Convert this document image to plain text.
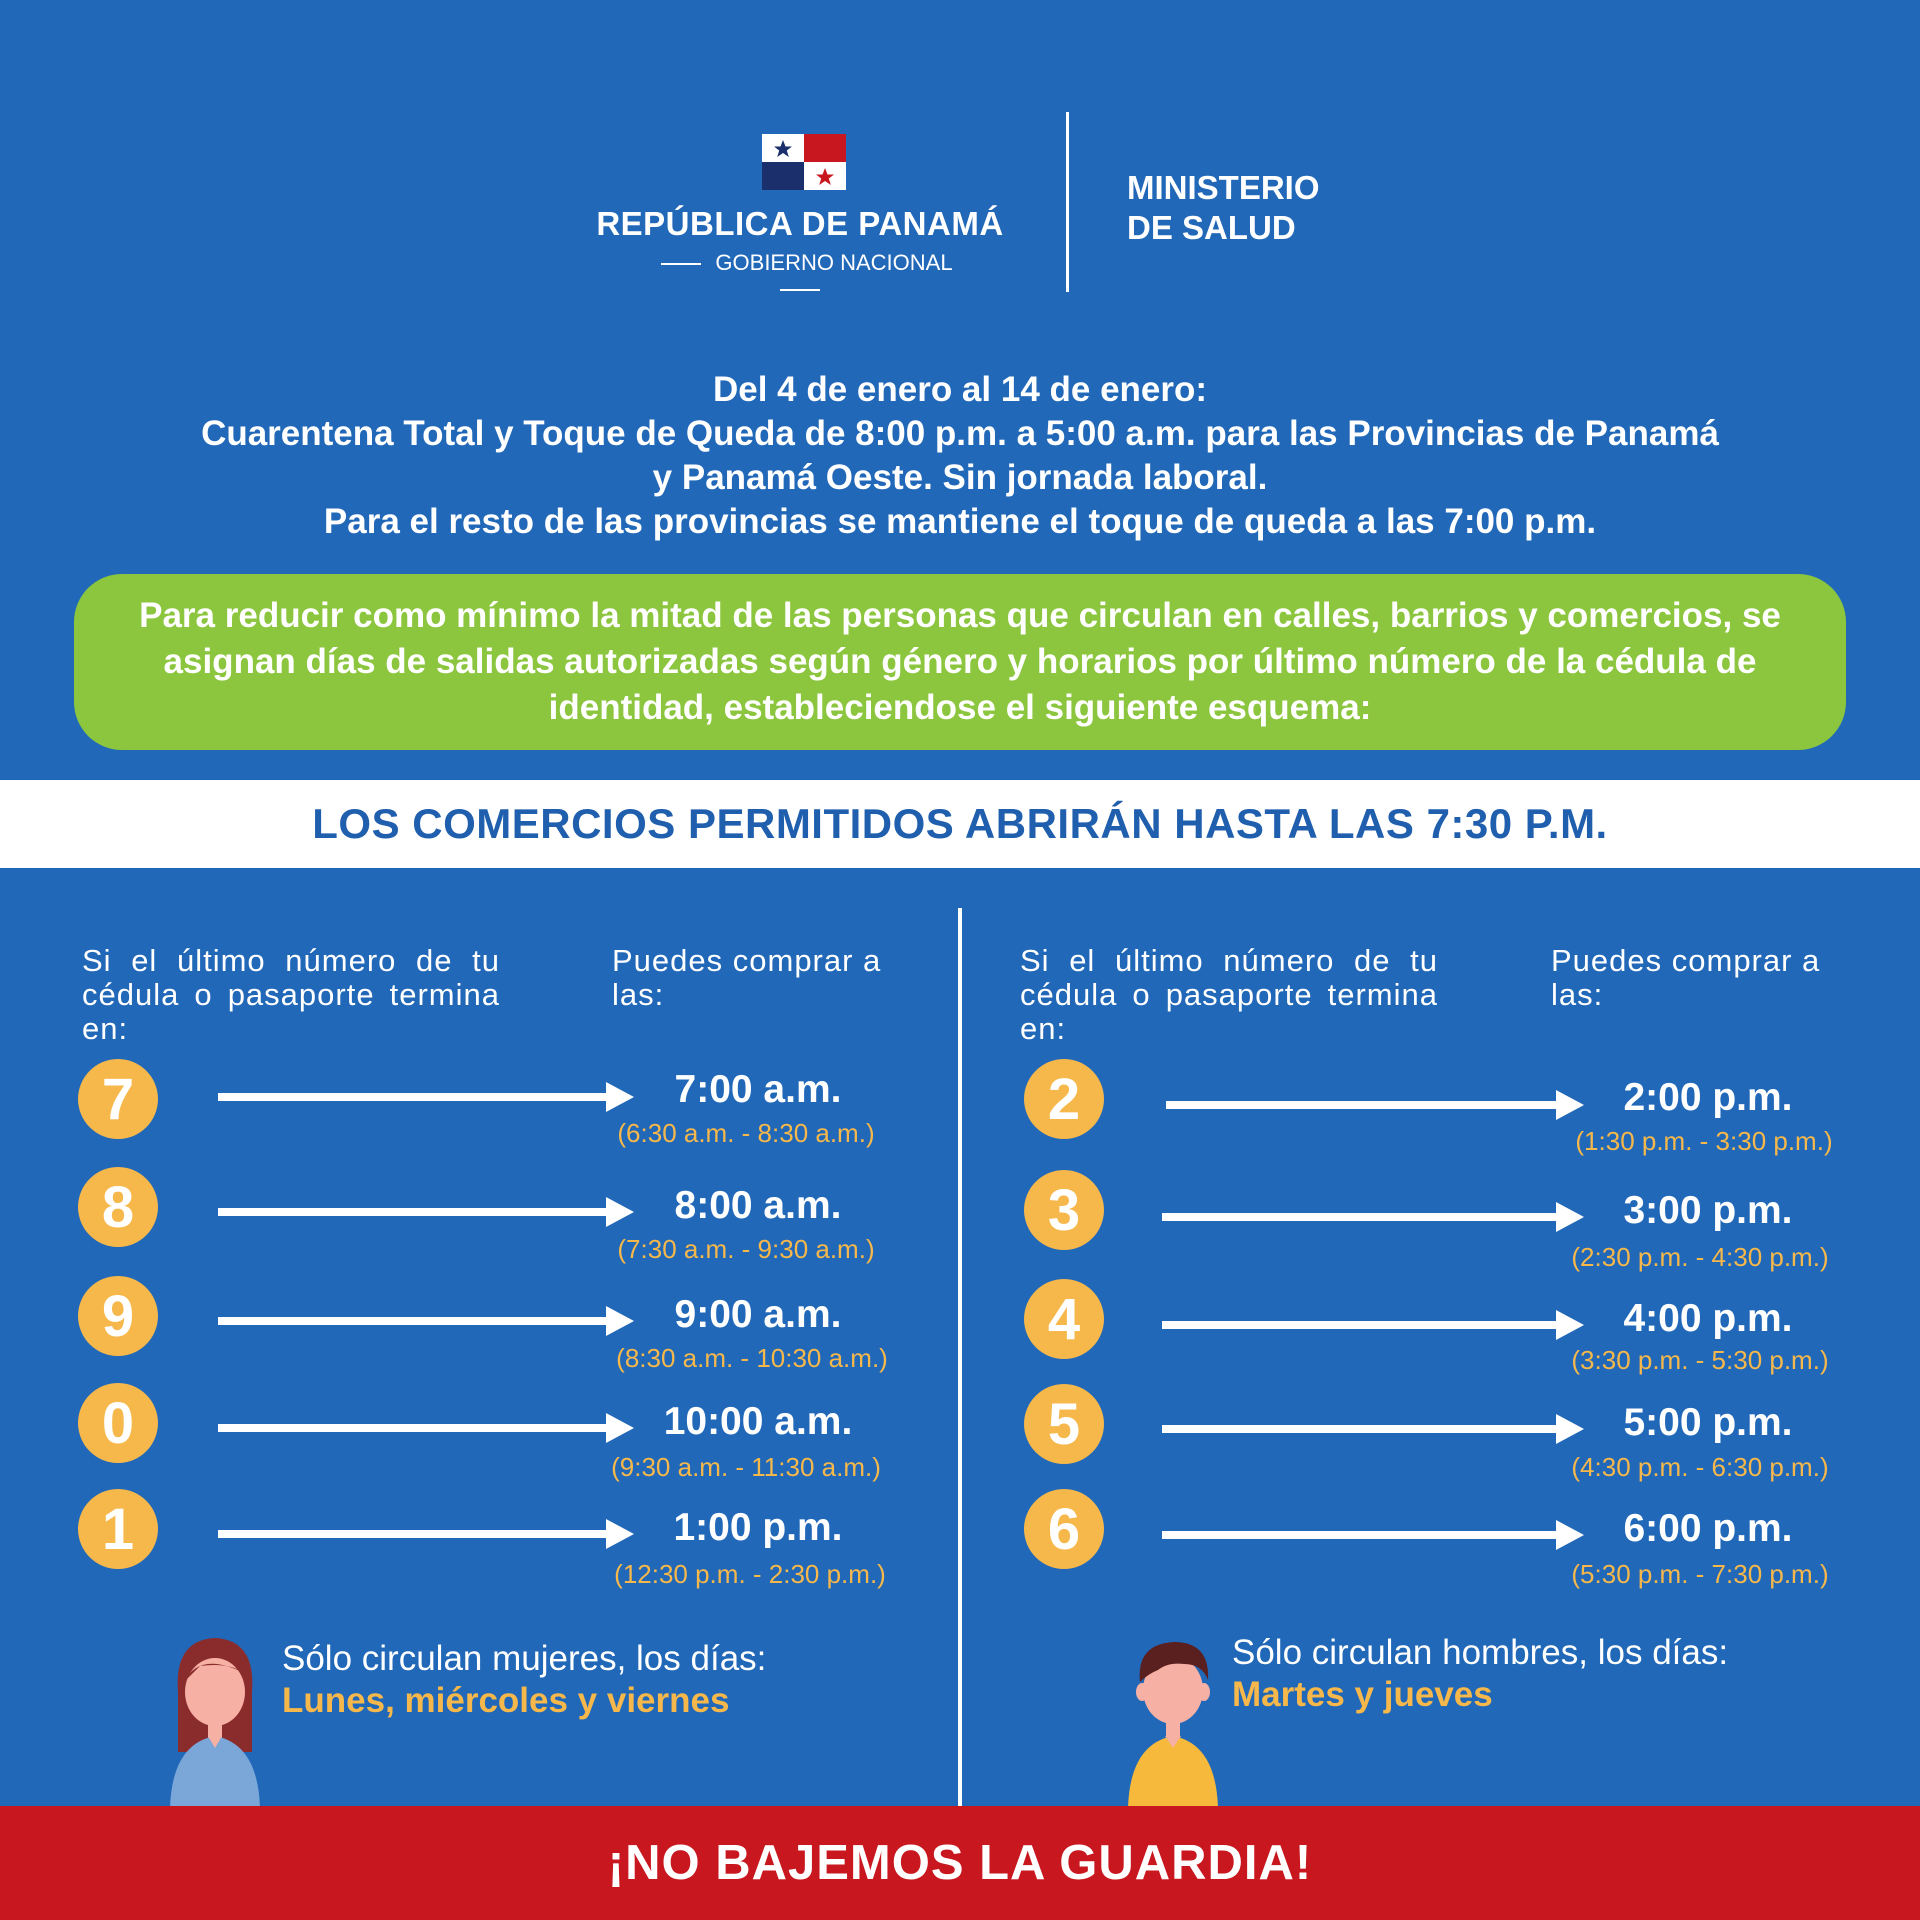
REPÚBLICA DE PANAMÁ
GOBIERNO NACIONAL
MINISTERIO
DE SALUD
Del 4 de enero al 14 de enero:
Cuarentena Total y Toque de Queda de 8:00 p.m. a 5:00 a.m. para las Provincias de Panamá
y Panamá Oeste. Sin jornada laboral.
Para el resto de las provincias se mantiene el toque de queda a las 7:00 p.m.
Para reducir como mínimo la mitad de las personas que circulan en calles, barrios y comercios, se asignan días de salidas autorizadas según género y horarios por último número de la cédula de identidad, estableciendose el siguiente esquema:
LOS COMERCIOS PERMITIDOS ABRIRÁN HASTA LAS 7:30 P.M.
Si el último número de tu cédula o pasaporte termina en:
Puedes comprar a las:
Si el último número de tu cédula o pasaporte termina en:
Puedes comprar a las:
7	7:00 a.m.
(6:30 a.m. - 8:30 a.m.)
8	8:00 a.m.
(7:30 a.m. - 9:30 a.m.)
9	9:00 a.m.
(8:30 a.m. - 10:30 a.m.)
0	10:00 a.m.
(9:30 a.m. - 11:30 a.m.)
1	1:00 p.m.
(12:30 p.m. - 2:30 p.m.)
2	2:00 p.m.
(1:30 p.m. - 3:30 p.m.)
3	3:00 p.m.
(2:30 p.m. - 4:30 p.m.)
4	4:00 p.m.
(3:30 p.m. - 5:30 p.m.)
5	5:00 p.m.
(4:30 p.m. - 6:30 p.m.)
6	6:00 p.m.
(5:30 p.m. - 7:30 p.m.)
Sólo circulan mujeres, los días:
Lunes, miércoles y viernes
Sólo circulan hombres, los días:
Martes y jueves
¡NO BAJEMOS LA GUARDIA!
